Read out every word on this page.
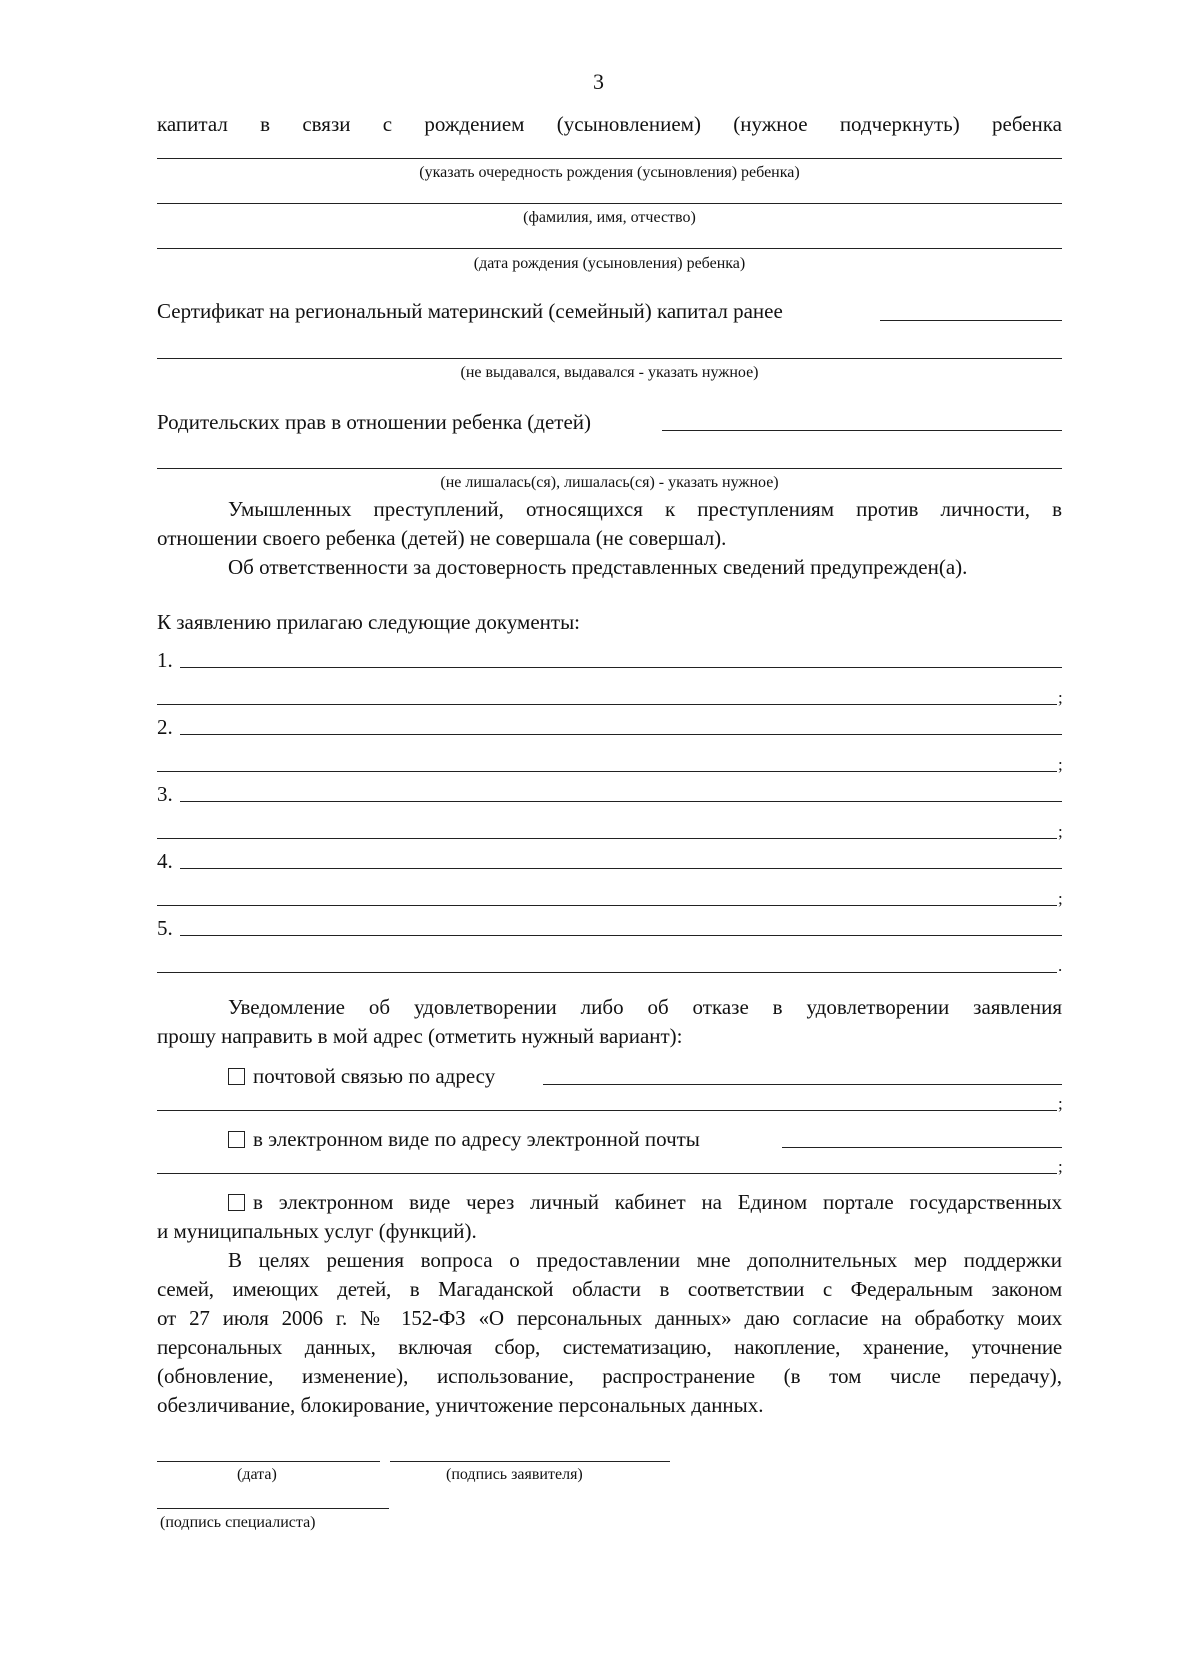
3
капитал в связи с рождением (усыновлением) (нужное подчеркнуть) ребенка
(указать очередность рождения (усыновления) ребенка)
(фамилия, имя, отчество)
(дата рождения (усыновления) ребенка)
Сертификат на региональный материнский (семейный) капитал ранее
(не выдавался, выдавался - указать нужное)
Родительских прав в отношении ребенка (детей)
(не лишалась(ся), лишалась(ся) - указать нужное)
Умышленных преступлений, относящихся к преступлениям против личности, в
отношении своего ребенка (детей) не совершала (не совершал).
Об ответственности за достоверность представленных сведений предупрежден(а).
К заявлению прилагаю следующие документы:
1.
;
2.
;
3.
;
4.
;
5.
.
Уведомление об удовлетворении либо об отказе в удовлетворении заявления
прошу направить в мой адрес (отметить нужный вариант):
почтовой связью по адресу
;
в электронном виде по адресу электронной почты
;
в электронном виде через личный кабинет на Едином портале государственных
и муниципальных услуг (функций).
В целях решения вопроса о предоставлении мне дополнительных мер поддержки
семей, имеющих детей, в Магаданской области в соответствии с Федеральным законом
от 27 июля 2006 г. № 152-ФЗ «О персональных данных» даю согласие на обработку моих
персональных данных, включая сбор, систематизацию, накопление, хранение, уточнение
(обновление, изменение), использование, распространение (в том числе передачу),
обезличивание, блокирование, уничтожение персональных данных.
(дата)	(подпись заявителя)
(подпись специалиста)
